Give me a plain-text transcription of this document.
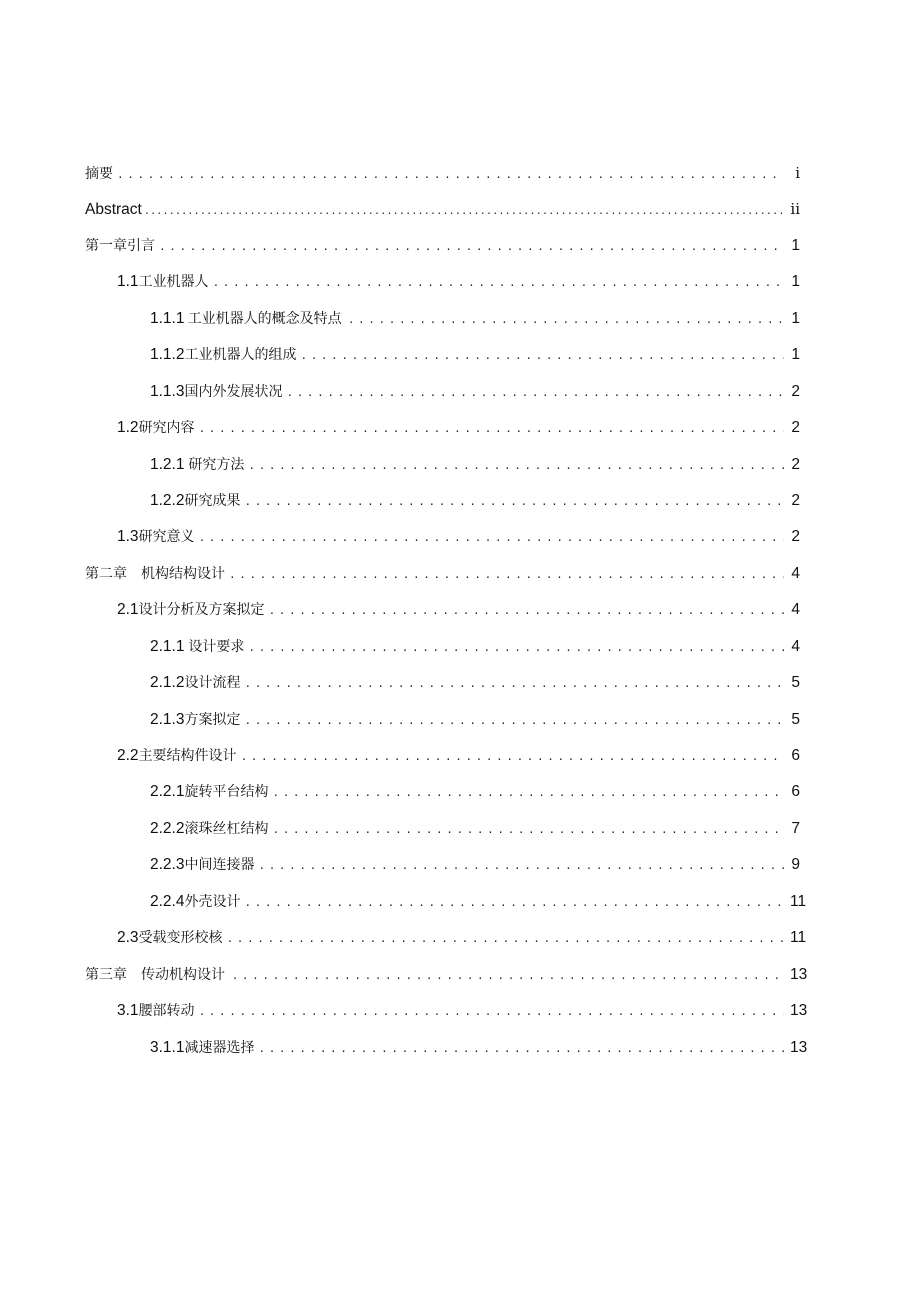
摘要 .....	i
Abstract .....	ii
第一章引言 .....	1
1.1 工业机器人 .....	1
1.1.1 工业机器人的概念及特点 .....	1
1.1.2 工业机器人的组成 .....	1
1.1.3 国内外发展状况 .....	2
1.2 研究内容 .....	2
1.2.1 研究方法 .....	2
1.2.2 研究成果 .....	2
1.3 研究意义 .....	2
第二章　机构结构设计 .....	4
2.1 设计分析及方案拟定 .....	4
2.1.1 设计要求 .....	4
2.1.2 设计流程 .....	5
2.1.3 方案拟定 .....	5
2.2 主要结构件设计 .....	6
2.2.1 旋转平台结构 .....	6
2.2.2 滚珠丝杠结构 .....	7
2.2.3 中间连接器 .....	9
2.2.4 外壳设计 .....	11
2.3 受载变形校核 .....	11
第三章　传动机构设计 .....	13
3.1 腰部转动 .....	13
3.1.1 减速器选择 .....	13
